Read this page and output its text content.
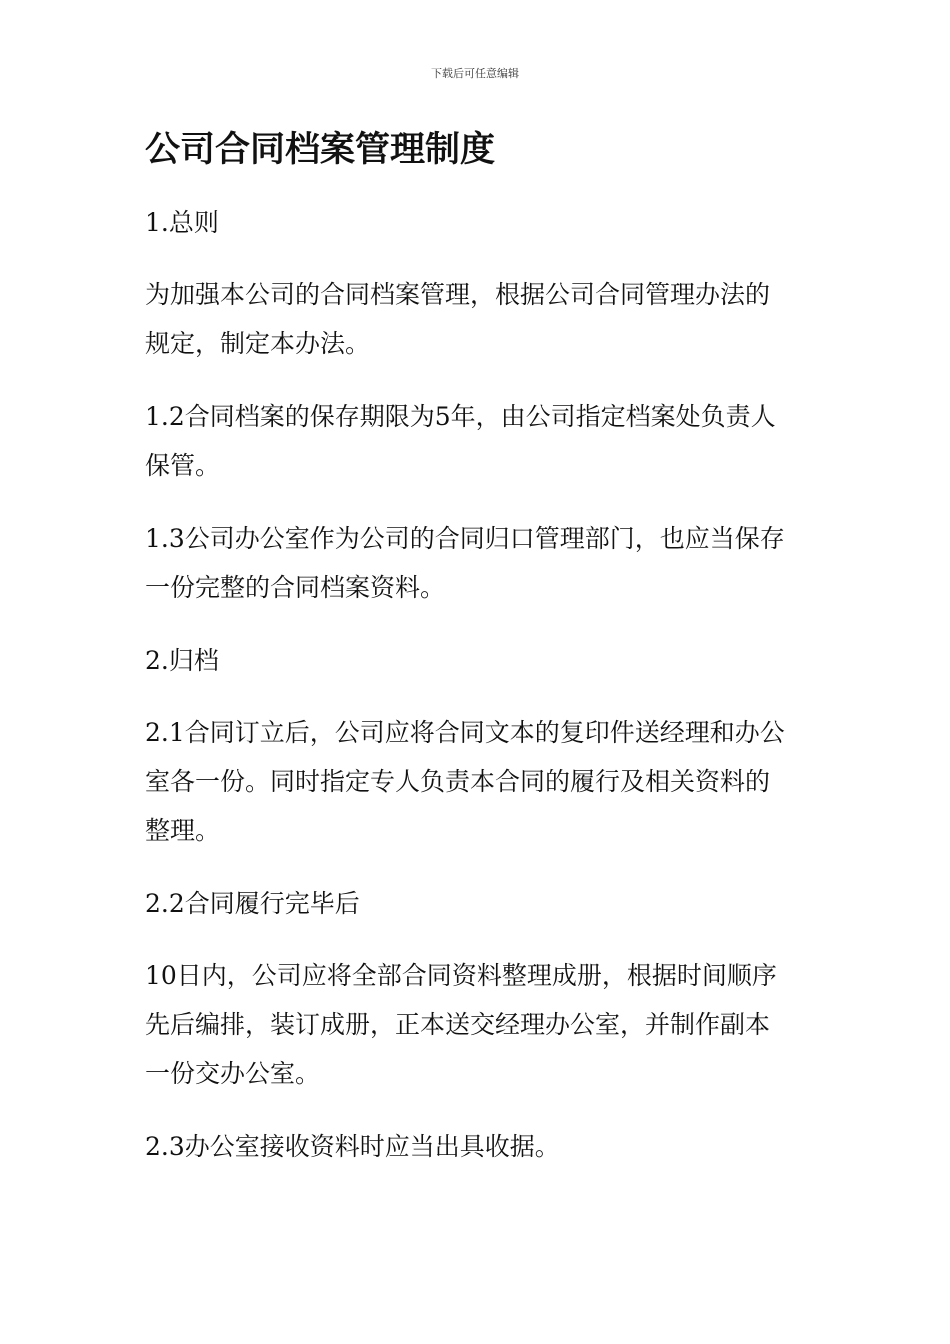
下载后可任意编辑
公司合同档案管理制度

1.总则

为加强本公司的合同档案管理，根据公司合同管理办法的
规定，制定本办法。

1.2合同档案的保存期限为5年，由公司指定档案处负责人
保管。

1.3公司办公室作为公司的合同归口管理部门，也应当保存
一份完整的合同档案资料。

2.归档

2.1合同订立后，公司应将合同文本的复印件送经理和办公
室各一份。同时指定专人负责本合同的履行及相关资料的
整理。

2.2合同履行完毕后

10日内，公司应将全部合同资料整理成册，根据时间顺序
先后编排，装订成册，正本送交经理办公室，并制作副本
一份交办公室。

2.3办公室接收资料时应当出具收据。
